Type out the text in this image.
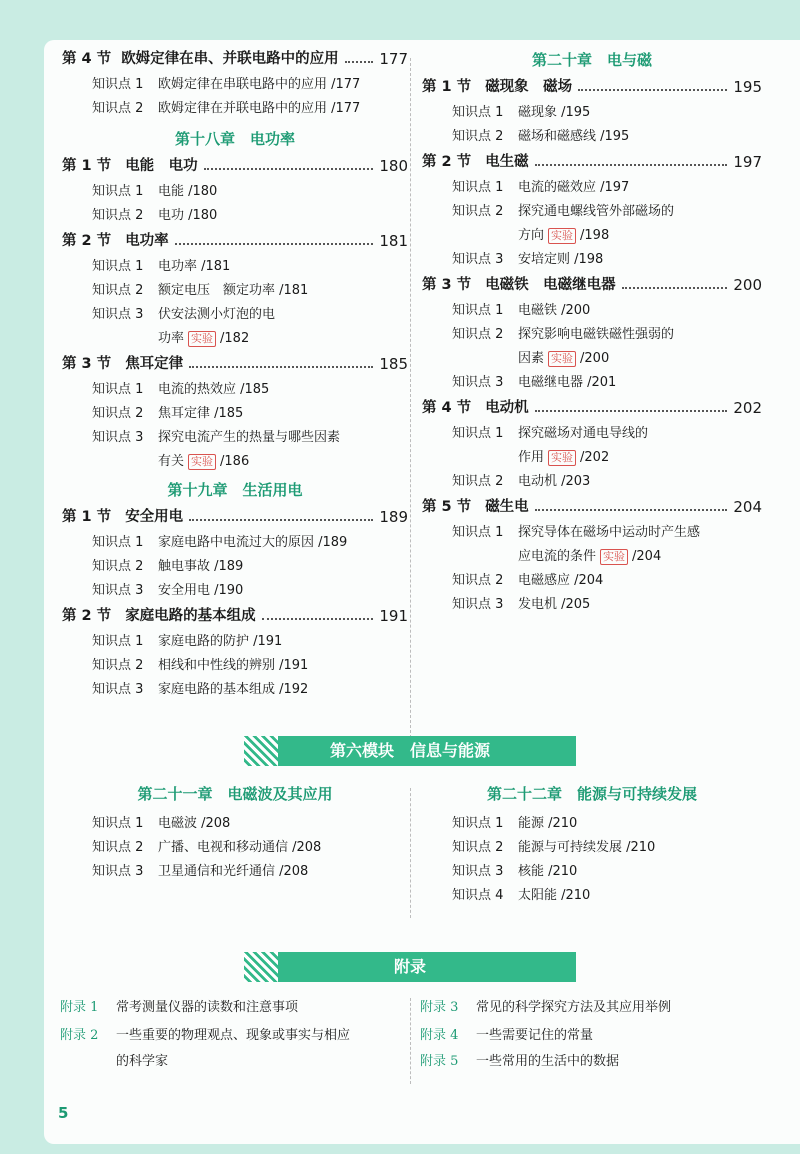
第 4 节 欧姆定律在串、并联电路中的应用	177
知识点 1	欧姆定律在串联电路中的应用 /177
知识点 2	欧姆定律在并联电路中的应用 /177
第十八章　电功率
第 1 节 电能　电功	180
知识点 1	电能 /180
知识点 2	电功 /180
第 2 节 电功率	181
知识点 1	电功率 /181
知识点 2	额定电压　额定功率 /181
知识点 3	伏安法测小灯泡的电
功率 实验 /182
第 3 节 焦耳定律	185
知识点 1	电流的热效应 /185
知识点 2	焦耳定律 /185
知识点 3	探究电流产生的热量与哪些因素
有关 实验 /186
第十九章　生活用电
第 1 节 安全用电	189
知识点 1	家庭电路中电流过大的原因 /189
知识点 2	触电事故 /189
知识点 3	安全用电 /190
第 2 节 家庭电路的基本组成	191
知识点 1	家庭电路的防护 /191
知识点 2	相线和中性线的辨别 /191
知识点 3	家庭电路的基本组成 /192
第二十章　电与磁
第 1 节 磁现象　磁场	195
知识点 1	磁现象 /195
知识点 2	磁场和磁感线 /195
第 2 节 电生磁	197
知识点 1	电流的磁效应 /197
知识点 2	探究通电螺线管外部磁场的
方向 实验 /198
知识点 3	安培定则 /198
第 3 节 电磁铁　电磁继电器	200
知识点 1	电磁铁 /200
知识点 2	探究影响电磁铁磁性强弱的
因素 实验 /200
知识点 3	电磁继电器 /201
第 4 节 电动机	202
知识点 1	探究磁场对通电导线的
作用 实验 /202
知识点 2	电动机 /203
第 5 节 磁生电	204
知识点 1	探究导体在磁场中运动时产生感
应电流的条件 实验 /204
知识点 2	电磁感应 /204
知识点 3	发电机 /205
第六模块　信息与能源
第二十一章　电磁波及其应用
知识点 1	电磁波 /208
知识点 2	广播、电视和移动通信 /208
知识点 3	卫星通信和光纤通信 /208
第二十二章　能源与可持续发展
知识点 1	能源 /210
知识点 2	能源与可持续发展 /210
知识点 3	核能 /210
知识点 4	太阳能 /210
附录
附录 1 常考测量仪器的读数和注意事项
附录 2 一些重要的物理观点、现象或事实与相应
的科学家
附录 3 常见的科学探究方法及其应用举例
附录 4 一些需要记住的常量
附录 5 一些常用的生活中的数据
5
